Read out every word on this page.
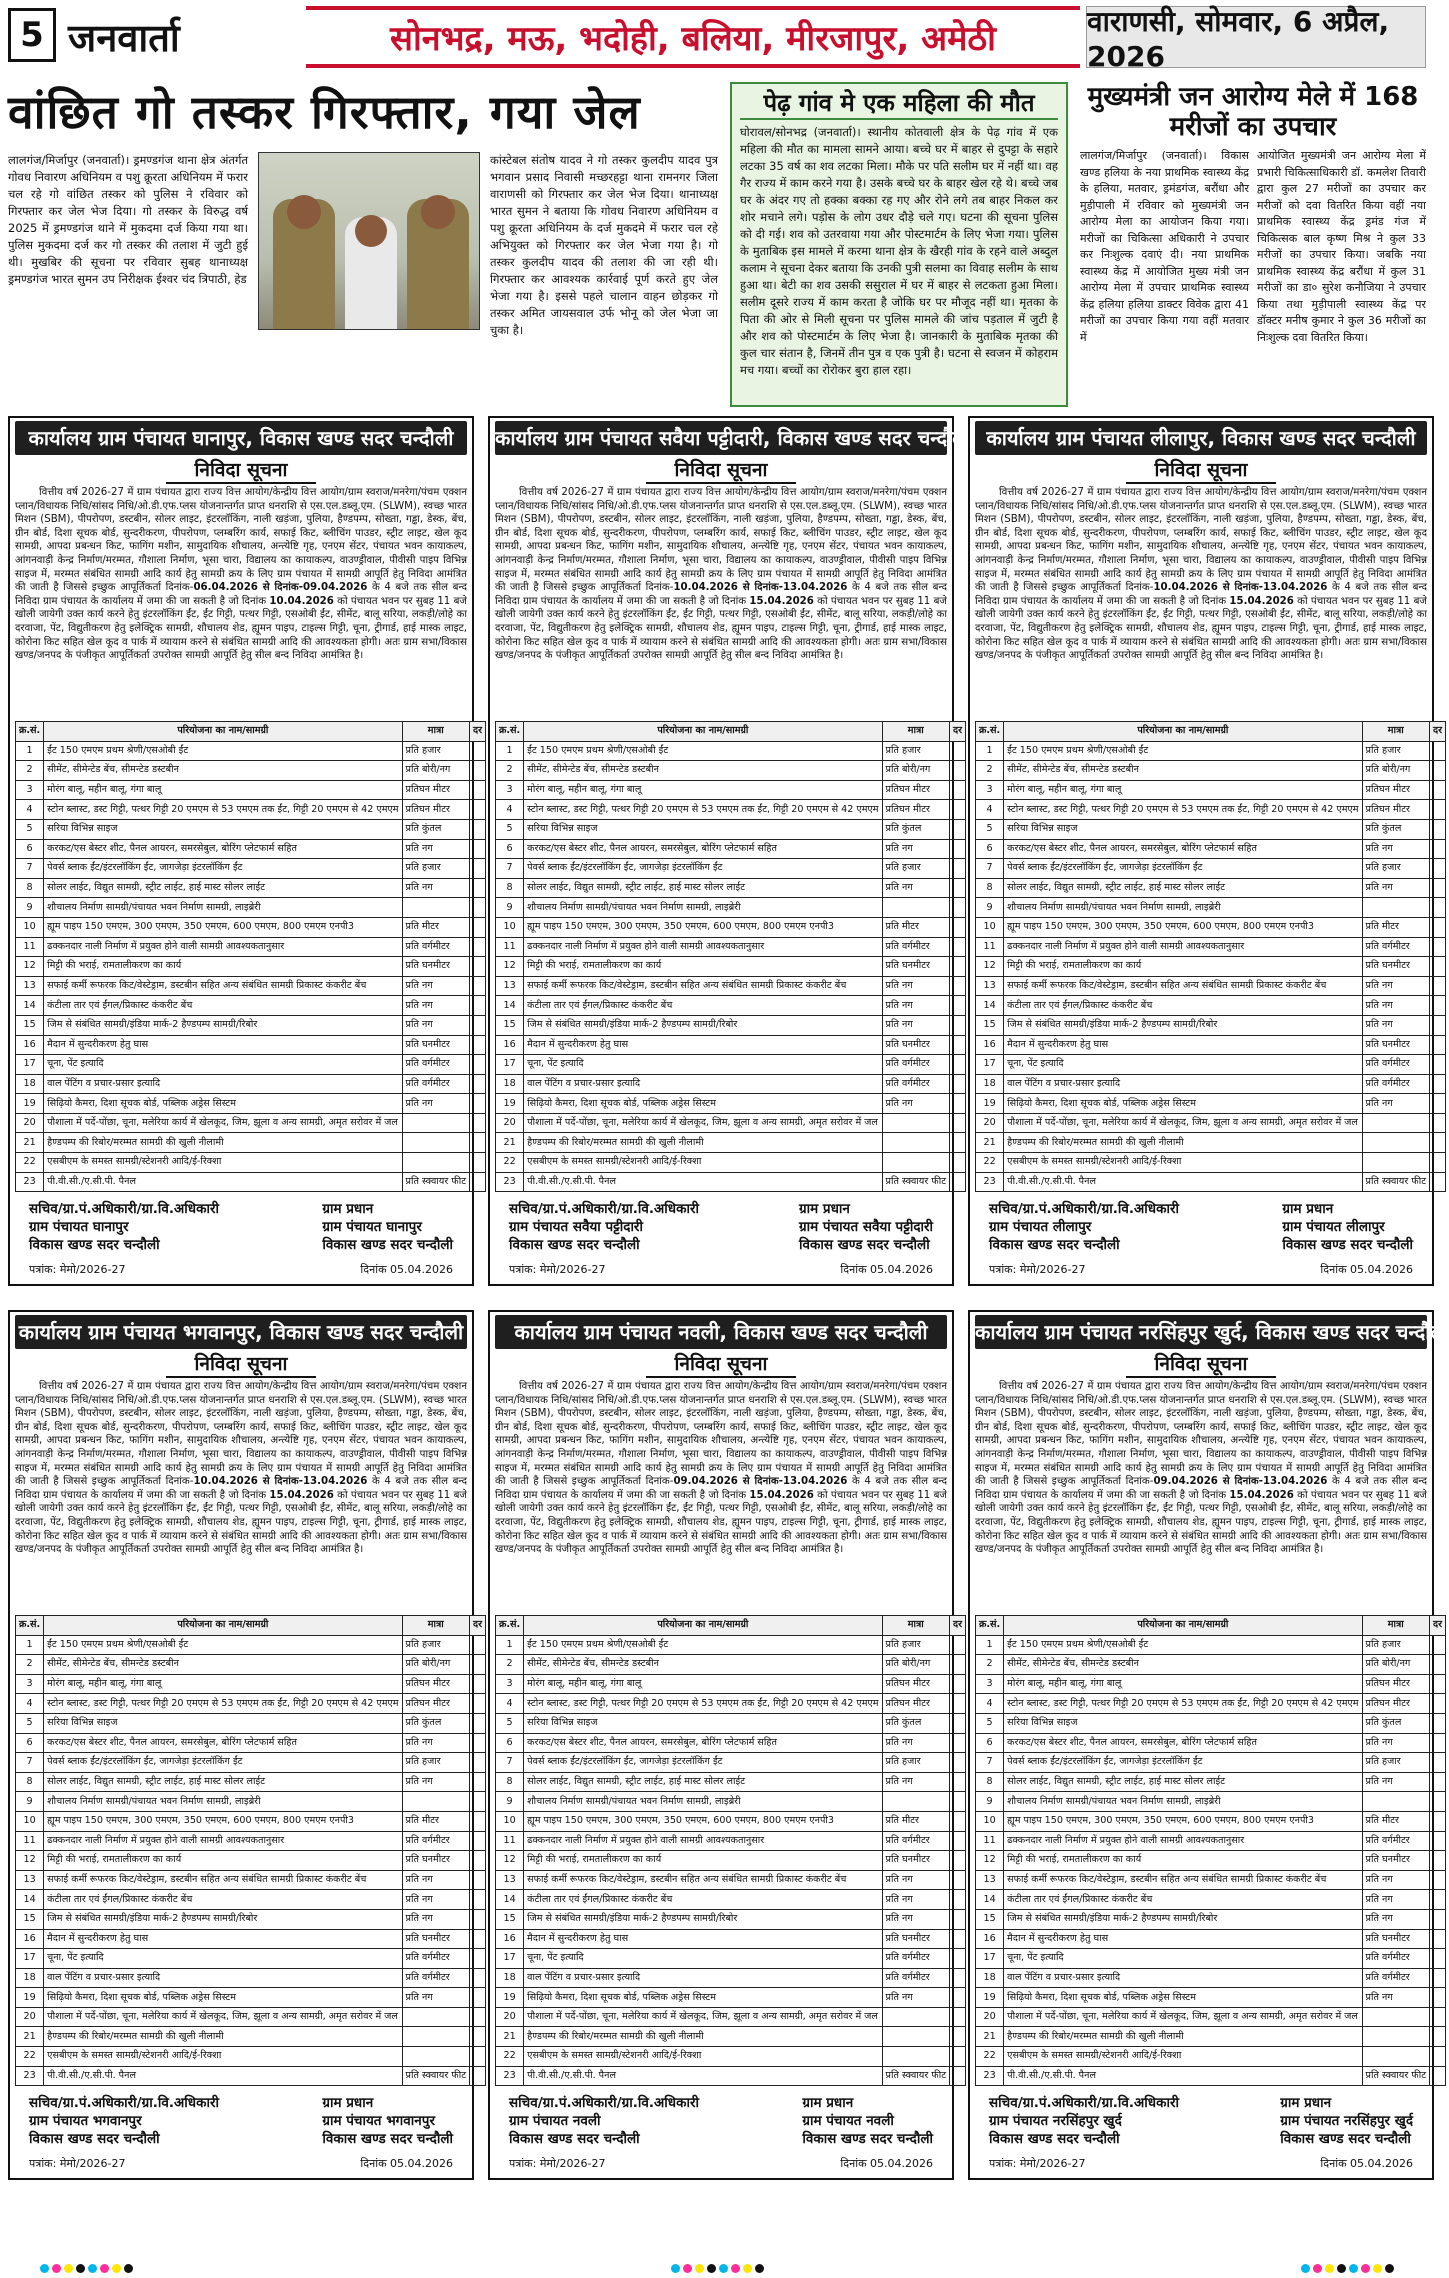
5 जनवार्ता	सोनभद्र, मऊ, भदोही, बलिया, मीरजापुर, अमेठी	वाराणसी, सोमवार, 6 अप्रैल, 2026
वांछित गो तस्कर गिरफ्तार, गया जेल
लालगंज/मिर्जापुर (जनवार्ता)। ड्रमण्डगंज थाना क्षेत्र अंतर्गत गोवध निवारण अधिनियम व पशु क्रूरता अधिनियम में फरार चल रहे गो वांछित तस्कर को पुलिस ने रविवार को गिरफ्तार कर जेल भेज दिया। गो तस्कर के विरुद्ध वर्ष 2025 में ड्रमण्डगंज थाने में मुकदमा दर्ज किया गया था। पुलिस मुकदमा दर्ज कर गो तस्कर की तलाश में जुटी हुई थी। मुखबिर की सूचना पर रविवार सुबह थानाध्यक्ष ड्रमण्डगंज भारत सुमन उप निरीक्षक ईश्वर चंद त्रिपाठी, हेड
कांस्टेबल संतोष यादव ने गो तस्कर कुलदीप यादव पुत्र भगवान प्रसाद निवासी मच्छरहट्टा थाना रामनगर जिला वाराणसी को गिरफ्तार कर जेल भेज दिया। थानाध्यक्ष भारत सुमन ने बताया कि गोवध निवारण अधिनियम व पशु क्रूरता अधिनियम के दर्ज मुकदमे में फरार चल रहे अभियुक्त को गिरफ्तार कर जेल भेजा गया है। गो तस्कर कुलदीप यादव की तलाश की जा रही थी। गिरफ्तार कर आवश्यक कार्रवाई पूर्ण करते हुए जेल भेजा गया है। इससे पहले चालान वाहन छोड़कर गो तस्कर अमित जायसवाल उर्फ भोनू को जेल भेजा जा चुका है।
पेढ़ गांव मे एक महिला की मौत

घोरावल/सोनभद्र (जनवार्ता)। स्थानीय कोतवाली क्षेत्र के पेढ़ गांव में एक महिला की मौत का मामला सामने आया। बच्चे घर में बाहर से दुपट्टा के सहारे लटका 35 वर्ष का शव लटका मिला। मौके पर पति सलीम घर में नहीं था। वह गैर राज्य में काम करने गया है। उसके बच्चे घर के बाहर खेल रहे थे। बच्चे जब घर के अंदर गए तो हक्का बक्का रह गए और रोने लगे तब बाहर निकल कर शोर मचाने लगे। पड़ोस के लोग उधर दौड़े चले गए। घटना की सूचना पुलिस को दी गई। शव को उतरवाया गया और पोस्टमार्टम के लिए भेजा गया। पुलिस के मुताबिक इस मामले में करमा थाना क्षेत्र के खैरही गांव के रहने वाले अब्दुल कलाम ने सूचना देकर बताया कि उनकी पुत्री सलमा का विवाह सलीम के साथ हुआ था। बेटी का शव उसकी ससुराल में घर में बाहर से लटकता हुआ मिला। सलीम दूसरे राज्य में काम करता है जोकि घर पर मौजूद नहीं था। मृतका के पिता की ओर से मिली सूचना पर पुलिस मामले की जांच पड़ताल में जुटी है और शव को पोस्टमार्टम के लिए भेजा है। जानकारी के मुताबिक मृतका की कुल चार संतान है, जिनमें तीन पुत्र व एक पुत्री है। घटना से स्वजन में कोहराम मच गया। बच्चों का रोरोकर बुरा हाल रहा।

मुख्यमंत्री जन आरोग्य मेले में 168 मरीजों का उपचार

लालगंज/मिर्जापुर (जनवार्ता)। विकास खण्ड हलिया के नया प्राथमिक स्वास्थ्य केंद्र के हलिया, मतवार, ड्रमंडगंज, बरौंधा और मुड़ीपाली में रविवार को मुख्यमंत्री जन आरोग्य मेला का आयोजन किया गया। मरीजों का चिकित्सा अधिकारी ने उपचार कर निःशुल्क दवाएं दी। नया प्राथमिक स्वास्थ्य केंद्र में आयोजित मुख्य मंत्री जन आरोग्य मेला में उपचार प्राथमिक स्वास्थ्य केंद्र हलिया हलिया डाक्टर विवेक द्वारा 41 मरीजों का उपचार किया गया वहीं मतवार में

आयोजित मुख्यमंत्री जन आरोग्य मेला में प्रभारी चिकित्साधिकारी डॉ. कमलेश तिवारी द्वारा कुल 27 मरीजों का उपचार कर मरीजों को दवा वितरित किया वहीं नया प्राथमिक स्वास्थ्य केंद्र ड्रमंड गंज में चिकित्सक बाल कृष्ण मिश्र ने कुल 33 मरीजों का उपचार किया। जबकि नया प्राथमिक स्वास्थ्य केंद्र बरौंधा में कुल 31 मरीजों का डा० सुरेश कनौजिया ने उपचार किया तथा मुड़ीपाली स्वास्थ्य केंद्र पर डॉक्टर मनीष कुमार ने कुल 36 मरीजों का निःशुल्क दवा वितरित किया।

कार्यालय ग्राम पंचायत घानापुर, विकास खण्ड सदर चन्दौली
निविदा सूचना
वित्तीय वर्ष 2026-27 में ग्राम पंचायत द्वारा राज्य वित्त आयोग/केन्द्रीय वित्त आयोग/ग्राम स्वराज/मनरेगा/पंचम एक्शन प्लान/विधायक निधि/सांसद निधि/ओ.डी.एफ.प्लस योजनान्तर्गत प्राप्त धनराशि से एस.एल.डब्लू.एम. (SLWM), स्वच्छ भारत मिशन (SBM), पीपरोपण, डस्टबीन, सोलर लाइट, इंटरलॉकिंग, नाली खड़ंजा, पुलिया, हैण्डपम्प, सोख्ता, गड्ढा, डेस्क, बेंच, ग्रीन बोर्ड, दिशा सूचक बोर्ड, सुन्दरीकरण, पीपरोपण, प्लम्बरिंग कार्य, सफाई किट, ब्लीचिंग पाउडर, स्ट्रीट लाइट, खेल कूद सामग्री, आपदा प्रबन्धन किट, फागिंग मशीन, सामुदायिक शौचालय, अन्त्येष्टि गृह, एनएम सेंटर, पंचायत भवन कायाकल्प, आंगनवाड़ी केन्द्र निर्माण/मरम्मत, गौशाला निर्माण, भूसा चारा, विद्यालय का कायाकल्प, वाउण्ड्रीवाल, पीवीसी पाइप विभिन्न साइज में, मरम्मत संबंधित सामग्री आदि कार्य हेतु सामग्री क्रय के लिए ग्राम पंचायत में सामग्री आपूर्ति हेतु निविदा आमंत्रित की जाती है जिससे इच्छुक आपूर्तिकर्ता दिनांक-06.04.2026 से दिनांक-09.04.2026 के 4 बजे तक सील बन्द निविदा ग्राम पंचायत के कार्यालय में जमा की जा सकती है जो दिनांक 10.04.2026 को पंचायत भवन पर सुबह 11 बजे खोली जायेगी उक्त कार्य करने हेतु इंटरलॉकिंग ईंट, ईंट गिट्टी, पत्थर गिट्टी, एसओबी ईंट, सीमेंट, बालू सरिया, लकड़ी/लोहे का दरवाजा, पेंट, विद्युतीकरण हेतु इलेक्ट्रिक सामग्री, शौचालय शेड, ह्यूमन पाइप, टाइल्स गिट्टी, चूना, ट्रीगार्ड, हाई मास्क लाइट, कोरोना किट सहित खेल कूद व पार्क में व्यायाम करने से संबंधित सामग्री आदि की आवश्यकता होगी। अतः ग्राम सभा/विकास खण्ड/जनपद के पंजीकृत आपूर्तिकर्ता उपरोक्त सामग्री आपूर्ति हेतु सील बन्द निविदा आमंत्रित है।
क्र.सं.	परियोजना का नाम/सामग्री	मात्रा	दर
1	ईंट 150 एमएम प्रथम श्रेणी/एसओबी ईंट	प्रति हजार	
2	सीमेंट, सीमेन्टेड बेंच, सीमन्टेड डस्टबीन	प्रति बोरी/नग	
3	मोरंग बालू, महीन बालू, गंगा बालू	प्रतिघन मीटर	
4	स्टोन ब्लास्ट, डस्ट गिट्टी, पत्थर गिट्टी 20 एमएम से 53 एमएम तक ईंट, गिट्टी 20 एमएम से 42 एमएम	प्रतिघन मीटर	
5	सरिया विभिन्न साइज	प्रति कुंतल	
6	करकट/एस बेस्टर शीट, पैनल आयरन, समरसेबुल, बोरिंग प्लेटफार्म सहित	प्रति नग	
7	पेवर्स ब्लाक ईंट/इंटरलॉकिंग ईंट, जागजेड़ा इंटरलॉकिंग ईंट	प्रति हजार	
8	सोलर लाईट, विद्युत सामग्री, स्ट्रीट लाईट, हाई मास्ट सोलर लाईट	प्रति नग	
9	शौचालय निर्माण सामग्री/पंचायत भवन निर्माण सामग्री, लाइब्रेरी		
10	ह्यूम पाइप 150 एमएम, 300 एमएम, 350 एमएम, 600 एमएम, 800 एमएम एनपी3	प्रति मीटर	
11	ढक्कनदार नाली निर्माण में प्रयुक्त होने वाली सामग्री आवश्यकतानुसार	प्रति वर्गमीटर	
12	मिट्टी की भराई, रामतालीकरण का कार्य	प्रति घनमीटर	
13	सफाई कर्मी रूफरक किट/वेस्टेड्राम, डस्टबीन सहित अन्य संबंधित सामग्री प्रिकास्ट कंकरीट बेंच	प्रति नग	
14	कंटीला तार एवं ईंगल/प्रिकास्ट कंकरीट बेंच	प्रति नग	
15	जिम से संबंधित सामग्री/इंडिया मार्क-2 हैण्डपम्प सामग्री/रिबोर	प्रति नग	
16	मैदान में सुन्दरीकरण हेतु घास	प्रति घनमीटर	
17	चूना, पेंट इत्यादि	प्रति वर्गमीटर	
18	वाल पेंटिंग व प्रचार-प्रसार इत्यादि	प्रति वर्गमीटर	
19	सिढ़ियो कैमरा, दिशा सूचक बोर्ड, पब्लिक अड्रेस सिस्टम	प्रति नग	
20	पौशाला में पर्दे-पोंछा, चूना, मलेरिया कार्य में खेलकूद, जिम, झूला व अन्य सामग्री, अमृत सरोवर में जल		
21	हैण्डपम्प की रिबोर/मरम्मत सामग्री की खुली नीलामी		
22	एसबीएम के समस्त सामग्री/स्टेशनरी आदि/ई-रिक्शा		
23	पी.वी.सी./ए.सी.पी. पैनल	प्रति स्क्वायर फीट	
सचिव/ग्रा.पं.अधिकारी/ग्रा.वि.अधिकारी
ग्राम पंचायत घानापुर
विकास खण्ड सदर चन्दौली
ग्राम प्रधान
ग्राम पंचायत घानापुर
विकास खण्ड सदर चन्दौली
पत्रांक: मेमो/2026-27	दिनांक 05.04.2026
कार्यालय ग्राम पंचायत सवैया पट्टीदारी, विकास खण्ड सदर चन्दौली
निविदा सूचना
वित्तीय वर्ष 2026-27 में ग्राम पंचायत द्वारा राज्य वित्त आयोग/केन्द्रीय वित्त आयोग/ग्राम स्वराज/मनरेगा/पंचम एक्शन प्लान/विधायक निधि/सांसद निधि/ओ.डी.एफ.प्लस योजनान्तर्गत प्राप्त धनराशि से एस.एल.डब्लू.एम. (SLWM), स्वच्छ भारत मिशन (SBM), पीपरोपण, डस्टबीन, सोलर लाइट, इंटरलॉकिंग, नाली खड़ंजा, पुलिया, हैण्डपम्प, सोख्ता, गड्ढा, डेस्क, बेंच, ग्रीन बोर्ड, दिशा सूचक बोर्ड, सुन्दरीकरण, पीपरोपण, प्लम्बरिंग कार्य, सफाई किट, ब्लीचिंग पाउडर, स्ट्रीट लाइट, खेल कूद सामग्री, आपदा प्रबन्धन किट, फागिंग मशीन, सामुदायिक शौचालय, अन्त्येष्टि गृह, एनएम सेंटर, पंचायत भवन कायाकल्प, आंगनवाड़ी केन्द्र निर्माण/मरम्मत, गौशाला निर्माण, भूसा चारा, विद्यालय का कायाकल्प, वाउण्ड्रीवाल, पीवीसी पाइप विभिन्न साइज में, मरम्मत संबंधित सामग्री आदि कार्य हेतु सामग्री क्रय के लिए ग्राम पंचायत में सामग्री आपूर्ति हेतु निविदा आमंत्रित की जाती है जिससे इच्छुक आपूर्तिकर्ता दिनांक-10.04.2026 से दिनांक-13.04.2026 के 4 बजे तक सील बन्द निविदा ग्राम पंचायत के कार्यालय में जमा की जा सकती है जो दिनांक 15.04.2026 को पंचायत भवन पर सुबह 11 बजे खोली जायेगी उक्त कार्य करने हेतु इंटरलॉकिंग ईंट, ईंट गिट्टी, पत्थर गिट्टी, एसओबी ईंट, सीमेंट, बालू सरिया, लकड़ी/लोहे का दरवाजा, पेंट, विद्युतीकरण हेतु इलेक्ट्रिक सामग्री, शौचालय शेड, ह्यूमन पाइप, टाइल्स गिट्टी, चूना, ट्रीगार्ड, हाई मास्क लाइट, कोरोना किट सहित खेल कूद व पार्क में व्यायाम करने से संबंधित सामग्री आदि की आवश्यकता होगी। अतः ग्राम सभा/विकास खण्ड/जनपद के पंजीकृत आपूर्तिकर्ता उपरोक्त सामग्री आपूर्ति हेतु सील बन्द निविदा आमंत्रित है।
क्र.सं.	परियोजना का नाम/सामग्री	मात्रा	दर
1	ईंट 150 एमएम प्रथम श्रेणी/एसओबी ईंट	प्रति हजार	
2	सीमेंट, सीमेन्टेड बेंच, सीमन्टेड डस्टबीन	प्रति बोरी/नग	
3	मोरंग बालू, महीन बालू, गंगा बालू	प्रतिघन मीटर	
4	स्टोन ब्लास्ट, डस्ट गिट्टी, पत्थर गिट्टी 20 एमएम से 53 एमएम तक ईंट, गिट्टी 20 एमएम से 42 एमएम	प्रतिघन मीटर	
5	सरिया विभिन्न साइज	प्रति कुंतल	
6	करकट/एस बेस्टर शीट, पैनल आयरन, समरसेबुल, बोरिंग प्लेटफार्म सहित	प्रति नग	
7	पेवर्स ब्लाक ईंट/इंटरलॉकिंग ईंट, जागजेड़ा इंटरलॉकिंग ईंट	प्रति हजार	
8	सोलर लाईट, विद्युत सामग्री, स्ट्रीट लाईट, हाई मास्ट सोलर लाईट	प्रति नग	
9	शौचालय निर्माण सामग्री/पंचायत भवन निर्माण सामग्री, लाइब्रेरी		
10	ह्यूम पाइप 150 एमएम, 300 एमएम, 350 एमएम, 600 एमएम, 800 एमएम एनपी3	प्रति मीटर	
11	ढक्कनदार नाली निर्माण में प्रयुक्त होने वाली सामग्री आवश्यकतानुसार	प्रति वर्गमीटर	
12	मिट्टी की भराई, रामतालीकरण का कार्य	प्रति घनमीटर	
13	सफाई कर्मी रूफरक किट/वेस्टेड्राम, डस्टबीन सहित अन्य संबंधित सामग्री प्रिकास्ट कंकरीट बेंच	प्रति नग	
14	कंटीला तार एवं ईंगल/प्रिकास्ट कंकरीट बेंच	प्रति नग	
15	जिम से संबंधित सामग्री/इंडिया मार्क-2 हैण्डपम्प सामग्री/रिबोर	प्रति नग	
16	मैदान में सुन्दरीकरण हेतु घास	प्रति घनमीटर	
17	चूना, पेंट इत्यादि	प्रति वर्गमीटर	
18	वाल पेंटिंग व प्रचार-प्रसार इत्यादि	प्रति वर्गमीटर	
19	सिढ़ियो कैमरा, दिशा सूचक बोर्ड, पब्लिक अड्रेस सिस्टम	प्रति नग	
20	पौशाला में पर्दे-पोंछा, चूना, मलेरिया कार्य में खेलकूद, जिम, झूला व अन्य सामग्री, अमृत सरोवर में जल		
21	हैण्डपम्प की रिबोर/मरम्मत सामग्री की खुली नीलामी		
22	एसबीएम के समस्त सामग्री/स्टेशनरी आदि/ई-रिक्शा		
23	पी.वी.सी./ए.सी.पी. पैनल	प्रति स्क्वायर फीट	
सचिव/ग्रा.पं.अधिकारी/ग्रा.वि.अधिकारी
ग्राम पंचायत सवैया पट्टीदारी
विकास खण्ड सदर चन्दौली
ग्राम प्रधान
ग्राम पंचायत सवैया पट्टीदारी
विकास खण्ड सदर चन्दौली
पत्रांक: मेमो/2026-27	दिनांक 05.04.2026
कार्यालय ग्राम पंचायत लीलापुर, विकास खण्ड सदर चन्दौली
निविदा सूचना
वित्तीय वर्ष 2026-27 में ग्राम पंचायत द्वारा राज्य वित्त आयोग/केन्द्रीय वित्त आयोग/ग्राम स्वराज/मनरेगा/पंचम एक्शन प्लान/विधायक निधि/सांसद निधि/ओ.डी.एफ.प्लस योजनान्तर्गत प्राप्त धनराशि से एस.एल.डब्लू.एम. (SLWM), स्वच्छ भारत मिशन (SBM), पीपरोपण, डस्टबीन, सोलर लाइट, इंटरलॉकिंग, नाली खड़ंजा, पुलिया, हैण्डपम्प, सोख्ता, गड्ढा, डेस्क, बेंच, ग्रीन बोर्ड, दिशा सूचक बोर्ड, सुन्दरीकरण, पीपरोपण, प्लम्बरिंग कार्य, सफाई किट, ब्लीचिंग पाउडर, स्ट्रीट लाइट, खेल कूद सामग्री, आपदा प्रबन्धन किट, फागिंग मशीन, सामुदायिक शौचालय, अन्त्येष्टि गृह, एनएम सेंटर, पंचायत भवन कायाकल्प, आंगनवाड़ी केन्द्र निर्माण/मरम्मत, गौशाला निर्माण, भूसा चारा, विद्यालय का कायाकल्प, वाउण्ड्रीवाल, पीवीसी पाइप विभिन्न साइज में, मरम्मत संबंधित सामग्री आदि कार्य हेतु सामग्री क्रय के लिए ग्राम पंचायत में सामग्री आपूर्ति हेतु निविदा आमंत्रित की जाती है जिससे इच्छुक आपूर्तिकर्ता दिनांक-10.04.2026 से दिनांक-13.04.2026 के 4 बजे तक सील बन्द निविदा ग्राम पंचायत के कार्यालय में जमा की जा सकती है जो दिनांक 15.04.2026 को पंचायत भवन पर सुबह 11 बजे खोली जायेगी उक्त कार्य करने हेतु इंटरलॉकिंग ईंट, ईंट गिट्टी, पत्थर गिट्टी, एसओबी ईंट, सीमेंट, बालू सरिया, लकड़ी/लोहे का दरवाजा, पेंट, विद्युतीकरण हेतु इलेक्ट्रिक सामग्री, शौचालय शेड, ह्यूमन पाइप, टाइल्स गिट्टी, चूना, ट्रीगार्ड, हाई मास्क लाइट, कोरोना किट सहित खेल कूद व पार्क में व्यायाम करने से संबंधित सामग्री आदि की आवश्यकता होगी। अतः ग्राम सभा/विकास खण्ड/जनपद के पंजीकृत आपूर्तिकर्ता उपरोक्त सामग्री आपूर्ति हेतु सील बन्द निविदा आमंत्रित है।
क्र.सं.	परियोजना का नाम/सामग्री	मात्रा	दर
1	ईंट 150 एमएम प्रथम श्रेणी/एसओबी ईंट	प्रति हजार	
2	सीमेंट, सीमेन्टेड बेंच, सीमन्टेड डस्टबीन	प्रति बोरी/नग	
3	मोरंग बालू, महीन बालू, गंगा बालू	प्रतिघन मीटर	
4	स्टोन ब्लास्ट, डस्ट गिट्टी, पत्थर गिट्टी 20 एमएम से 53 एमएम तक ईंट, गिट्टी 20 एमएम से 42 एमएम	प्रतिघन मीटर	
5	सरिया विभिन्न साइज	प्रति कुंतल	
6	करकट/एस बेस्टर शीट, पैनल आयरन, समरसेबुल, बोरिंग प्लेटफार्म सहित	प्रति नग	
7	पेवर्स ब्लाक ईंट/इंटरलॉकिंग ईंट, जागजेड़ा इंटरलॉकिंग ईंट	प्रति हजार	
8	सोलर लाईट, विद्युत सामग्री, स्ट्रीट लाईट, हाई मास्ट सोलर लाईट	प्रति नग	
9	शौचालय निर्माण सामग्री/पंचायत भवन निर्माण सामग्री, लाइब्रेरी		
10	ह्यूम पाइप 150 एमएम, 300 एमएम, 350 एमएम, 600 एमएम, 800 एमएम एनपी3	प्रति मीटर	
11	ढक्कनदार नाली निर्माण में प्रयुक्त होने वाली सामग्री आवश्यकतानुसार	प्रति वर्गमीटर	
12	मिट्टी की भराई, रामतालीकरण का कार्य	प्रति घनमीटर	
13	सफाई कर्मी रूफरक किट/वेस्टेड्राम, डस्टबीन सहित अन्य संबंधित सामग्री प्रिकास्ट कंकरीट बेंच	प्रति नग	
14	कंटीला तार एवं ईंगल/प्रिकास्ट कंकरीट बेंच	प्रति नग	
15	जिम से संबंधित सामग्री/इंडिया मार्क-2 हैण्डपम्प सामग्री/रिबोर	प्रति नग	
16	मैदान में सुन्दरीकरण हेतु घास	प्रति घनमीटर	
17	चूना, पेंट इत्यादि	प्रति वर्गमीटर	
18	वाल पेंटिंग व प्रचार-प्रसार इत्यादि	प्रति वर्गमीटर	
19	सिढ़ियो कैमरा, दिशा सूचक बोर्ड, पब्लिक अड्रेस सिस्टम	प्रति नग	
20	पौशाला में पर्दे-पोंछा, चूना, मलेरिया कार्य में खेलकूद, जिम, झूला व अन्य सामग्री, अमृत सरोवर में जल		
21	हैण्डपम्प की रिबोर/मरम्मत सामग्री की खुली नीलामी		
22	एसबीएम के समस्त सामग्री/स्टेशनरी आदि/ई-रिक्शा		
23	पी.वी.सी./ए.सी.पी. पैनल	प्रति स्क्वायर फीट	
सचिव/ग्रा.पं.अधिकारी/ग्रा.वि.अधिकारी
ग्राम पंचायत लीलापुर
विकास खण्ड सदर चन्दौली
ग्राम प्रधान
ग्राम पंचायत लीलापुर
विकास खण्ड सदर चन्दौली
पत्रांक: मेमो/2026-27	दिनांक 05.04.2026
कार्यालय ग्राम पंचायत भगवानपुर, विकास खण्ड सदर चन्दौली
निविदा सूचना
वित्तीय वर्ष 2026-27 में ग्राम पंचायत द्वारा राज्य वित्त आयोग/केन्द्रीय वित्त आयोग/ग्राम स्वराज/मनरेगा/पंचम एक्शन प्लान/विधायक निधि/सांसद निधि/ओ.डी.एफ.प्लस योजनान्तर्गत प्राप्त धनराशि से एस.एल.डब्लू.एम. (SLWM), स्वच्छ भारत मिशन (SBM), पीपरोपण, डस्टबीन, सोलर लाइट, इंटरलॉकिंग, नाली खड़ंजा, पुलिया, हैण्डपम्प, सोख्ता, गड्ढा, डेस्क, बेंच, ग्रीन बोर्ड, दिशा सूचक बोर्ड, सुन्दरीकरण, पीपरोपण, प्लम्बरिंग कार्य, सफाई किट, ब्लीचिंग पाउडर, स्ट्रीट लाइट, खेल कूद सामग्री, आपदा प्रबन्धन किट, फागिंग मशीन, सामुदायिक शौचालय, अन्त्येष्टि गृह, एनएम सेंटर, पंचायत भवन कायाकल्प, आंगनवाड़ी केन्द्र निर्माण/मरम्मत, गौशाला निर्माण, भूसा चारा, विद्यालय का कायाकल्प, वाउण्ड्रीवाल, पीवीसी पाइप विभिन्न साइज में, मरम्मत संबंधित सामग्री आदि कार्य हेतु सामग्री क्रय के लिए ग्राम पंचायत में सामग्री आपूर्ति हेतु निविदा आमंत्रित की जाती है जिससे इच्छुक आपूर्तिकर्ता दिनांक-10.04.2026 से दिनांक-13.04.2026 के 4 बजे तक सील बन्द निविदा ग्राम पंचायत के कार्यालय में जमा की जा सकती है जो दिनांक 15.04.2026 को पंचायत भवन पर सुबह 11 बजे खोली जायेगी उक्त कार्य करने हेतु इंटरलॉकिंग ईंट, ईंट गिट्टी, पत्थर गिट्टी, एसओबी ईंट, सीमेंट, बालू सरिया, लकड़ी/लोहे का दरवाजा, पेंट, विद्युतीकरण हेतु इलेक्ट्रिक सामग्री, शौचालय शेड, ह्यूमन पाइप, टाइल्स गिट्टी, चूना, ट्रीगार्ड, हाई मास्क लाइट, कोरोना किट सहित खेल कूद व पार्क में व्यायाम करने से संबंधित सामग्री आदि की आवश्यकता होगी। अतः ग्राम सभा/विकास खण्ड/जनपद के पंजीकृत आपूर्तिकर्ता उपरोक्त सामग्री आपूर्ति हेतु सील बन्द निविदा आमंत्रित है।
क्र.सं.	परियोजना का नाम/सामग्री	मात्रा	दर
1	ईंट 150 एमएम प्रथम श्रेणी/एसओबी ईंट	प्रति हजार	
2	सीमेंट, सीमेन्टेड बेंच, सीमन्टेड डस्टबीन	प्रति बोरी/नग	
3	मोरंग बालू, महीन बालू, गंगा बालू	प्रतिघन मीटर	
4	स्टोन ब्लास्ट, डस्ट गिट्टी, पत्थर गिट्टी 20 एमएम से 53 एमएम तक ईंट, गिट्टी 20 एमएम से 42 एमएम	प्रतिघन मीटर	
5	सरिया विभिन्न साइज	प्रति कुंतल	
6	करकट/एस बेस्टर शीट, पैनल आयरन, समरसेबुल, बोरिंग प्लेटफार्म सहित	प्रति नग	
7	पेवर्स ब्लाक ईंट/इंटरलॉकिंग ईंट, जागजेड़ा इंटरलॉकिंग ईंट	प्रति हजार	
8	सोलर लाईट, विद्युत सामग्री, स्ट्रीट लाईट, हाई मास्ट सोलर लाईट	प्रति नग	
9	शौचालय निर्माण सामग्री/पंचायत भवन निर्माण सामग्री, लाइब्रेरी		
10	ह्यूम पाइप 150 एमएम, 300 एमएम, 350 एमएम, 600 एमएम, 800 एमएम एनपी3	प्रति मीटर	
11	ढक्कनदार नाली निर्माण में प्रयुक्त होने वाली सामग्री आवश्यकतानुसार	प्रति वर्गमीटर	
12	मिट्टी की भराई, रामतालीकरण का कार्य	प्रति घनमीटर	
13	सफाई कर्मी रूफरक किट/वेस्टेड्राम, डस्टबीन सहित अन्य संबंधित सामग्री प्रिकास्ट कंकरीट बेंच	प्रति नग	
14	कंटीला तार एवं ईंगल/प्रिकास्ट कंकरीट बेंच	प्रति नग	
15	जिम से संबंधित सामग्री/इंडिया मार्क-2 हैण्डपम्प सामग्री/रिबोर	प्रति नग	
16	मैदान में सुन्दरीकरण हेतु घास	प्रति घनमीटर	
17	चूना, पेंट इत्यादि	प्रति वर्गमीटर	
18	वाल पेंटिंग व प्रचार-प्रसार इत्यादि	प्रति वर्गमीटर	
19	सिढ़ियो कैमरा, दिशा सूचक बोर्ड, पब्लिक अड्रेस सिस्टम	प्रति नग	
20	पौशाला में पर्दे-पोंछा, चूना, मलेरिया कार्य में खेलकूद, जिम, झूला व अन्य सामग्री, अमृत सरोवर में जल		
21	हैण्डपम्प की रिबोर/मरम्मत सामग्री की खुली नीलामी		
22	एसबीएम के समस्त सामग्री/स्टेशनरी आदि/ई-रिक्शा		
23	पी.वी.सी./ए.सी.पी. पैनल	प्रति स्क्वायर फीट	
सचिव/ग्रा.पं.अधिकारी/ग्रा.वि.अधिकारी
ग्राम पंचायत भगवानपुर
विकास खण्ड सदर चन्दौली
ग्राम प्रधान
ग्राम पंचायत भगवानपुर
विकास खण्ड सदर चन्दौली
पत्रांक: मेमो/2026-27	दिनांक 05.04.2026
कार्यालय ग्राम पंचायत नवली, विकास खण्ड सदर चन्दौली
निविदा सूचना
वित्तीय वर्ष 2026-27 में ग्राम पंचायत द्वारा राज्य वित्त आयोग/केन्द्रीय वित्त आयोग/ग्राम स्वराज/मनरेगा/पंचम एक्शन प्लान/विधायक निधि/सांसद निधि/ओ.डी.एफ.प्लस योजनान्तर्गत प्राप्त धनराशि से एस.एल.डब्लू.एम. (SLWM), स्वच्छ भारत मिशन (SBM), पीपरोपण, डस्टबीन, सोलर लाइट, इंटरलॉकिंग, नाली खड़ंजा, पुलिया, हैण्डपम्प, सोख्ता, गड्ढा, डेस्क, बेंच, ग्रीन बोर्ड, दिशा सूचक बोर्ड, सुन्दरीकरण, पीपरोपण, प्लम्बरिंग कार्य, सफाई किट, ब्लीचिंग पाउडर, स्ट्रीट लाइट, खेल कूद सामग्री, आपदा प्रबन्धन किट, फागिंग मशीन, सामुदायिक शौचालय, अन्त्येष्टि गृह, एनएम सेंटर, पंचायत भवन कायाकल्प, आंगनवाड़ी केन्द्र निर्माण/मरम्मत, गौशाला निर्माण, भूसा चारा, विद्यालय का कायाकल्प, वाउण्ड्रीवाल, पीवीसी पाइप विभिन्न साइज में, मरम्मत संबंधित सामग्री आदि कार्य हेतु सामग्री क्रय के लिए ग्राम पंचायत में सामग्री आपूर्ति हेतु निविदा आमंत्रित की जाती है जिससे इच्छुक आपूर्तिकर्ता दिनांक-09.04.2026 से दिनांक-13.04.2026 के 4 बजे तक सील बन्द निविदा ग्राम पंचायत के कार्यालय में जमा की जा सकती है जो दिनांक 15.04.2026 को पंचायत भवन पर सुबह 11 बजे खोली जायेगी उक्त कार्य करने हेतु इंटरलॉकिंग ईंट, ईंट गिट्टी, पत्थर गिट्टी, एसओबी ईंट, सीमेंट, बालू सरिया, लकड़ी/लोहे का दरवाजा, पेंट, विद्युतीकरण हेतु इलेक्ट्रिक सामग्री, शौचालय शेड, ह्यूमन पाइप, टाइल्स गिट्टी, चूना, ट्रीगार्ड, हाई मास्क लाइट, कोरोना किट सहित खेल कूद व पार्क में व्यायाम करने से संबंधित सामग्री आदि की आवश्यकता होगी। अतः ग्राम सभा/विकास खण्ड/जनपद के पंजीकृत आपूर्तिकर्ता उपरोक्त सामग्री आपूर्ति हेतु सील बन्द निविदा आमंत्रित है।
क्र.सं.	परियोजना का नाम/सामग्री	मात्रा	दर
1	ईंट 150 एमएम प्रथम श्रेणी/एसओबी ईंट	प्रति हजार	
2	सीमेंट, सीमेन्टेड बेंच, सीमन्टेड डस्टबीन	प्रति बोरी/नग	
3	मोरंग बालू, महीन बालू, गंगा बालू	प्रतिघन मीटर	
4	स्टोन ब्लास्ट, डस्ट गिट्टी, पत्थर गिट्टी 20 एमएम से 53 एमएम तक ईंट, गिट्टी 20 एमएम से 42 एमएम	प्रतिघन मीटर	
5	सरिया विभिन्न साइज	प्रति कुंतल	
6	करकट/एस बेस्टर शीट, पैनल आयरन, समरसेबुल, बोरिंग प्लेटफार्म सहित	प्रति नग	
7	पेवर्स ब्लाक ईंट/इंटरलॉकिंग ईंट, जागजेड़ा इंटरलॉकिंग ईंट	प्रति हजार	
8	सोलर लाईट, विद्युत सामग्री, स्ट्रीट लाईट, हाई मास्ट सोलर लाईट	प्रति नग	
9	शौचालय निर्माण सामग्री/पंचायत भवन निर्माण सामग्री, लाइब्रेरी		
10	ह्यूम पाइप 150 एमएम, 300 एमएम, 350 एमएम, 600 एमएम, 800 एमएम एनपी3	प्रति मीटर	
11	ढक्कनदार नाली निर्माण में प्रयुक्त होने वाली सामग्री आवश्यकतानुसार	प्रति वर्गमीटर	
12	मिट्टी की भराई, रामतालीकरण का कार्य	प्रति घनमीटर	
13	सफाई कर्मी रूफरक किट/वेस्टेड्राम, डस्टबीन सहित अन्य संबंधित सामग्री प्रिकास्ट कंकरीट बेंच	प्रति नग	
14	कंटीला तार एवं ईंगल/प्रिकास्ट कंकरीट बेंच	प्रति नग	
15	जिम से संबंधित सामग्री/इंडिया मार्क-2 हैण्डपम्प सामग्री/रिबोर	प्रति नग	
16	मैदान में सुन्दरीकरण हेतु घास	प्रति घनमीटर	
17	चूना, पेंट इत्यादि	प्रति वर्गमीटर	
18	वाल पेंटिंग व प्रचार-प्रसार इत्यादि	प्रति वर्गमीटर	
19	सिढ़ियो कैमरा, दिशा सूचक बोर्ड, पब्लिक अड्रेस सिस्टम	प्रति नग	
20	पौशाला में पर्दे-पोंछा, चूना, मलेरिया कार्य में खेलकूद, जिम, झूला व अन्य सामग्री, अमृत सरोवर में जल		
21	हैण्डपम्प की रिबोर/मरम्मत सामग्री की खुली नीलामी		
22	एसबीएम के समस्त सामग्री/स्टेशनरी आदि/ई-रिक्शा		
23	पी.वी.सी./ए.सी.पी. पैनल	प्रति स्क्वायर फीट	
सचिव/ग्रा.पं.अधिकारी/ग्रा.वि.अधिकारी
ग्राम पंचायत नवली
विकास खण्ड सदर चन्दौली
ग्राम प्रधान
ग्राम पंचायत नवली
विकास खण्ड सदर चन्दौली
पत्रांक: मेमो/2026-27	दिनांक 05.04.2026
कार्यालय ग्राम पंचायत नरसिंहपुर खुर्द, विकास खण्ड सदर चन्दौली
निविदा सूचना
वित्तीय वर्ष 2026-27 में ग्राम पंचायत द्वारा राज्य वित्त आयोग/केन्द्रीय वित्त आयोग/ग्राम स्वराज/मनरेगा/पंचम एक्शन प्लान/विधायक निधि/सांसद निधि/ओ.डी.एफ.प्लस योजनान्तर्गत प्राप्त धनराशि से एस.एल.डब्लू.एम. (SLWM), स्वच्छ भारत मिशन (SBM), पीपरोपण, डस्टबीन, सोलर लाइट, इंटरलॉकिंग, नाली खड़ंजा, पुलिया, हैण्डपम्प, सोख्ता, गड्ढा, डेस्क, बेंच, ग्रीन बोर्ड, दिशा सूचक बोर्ड, सुन्दरीकरण, पीपरोपण, प्लम्बरिंग कार्य, सफाई किट, ब्लीचिंग पाउडर, स्ट्रीट लाइट, खेल कूद सामग्री, आपदा प्रबन्धन किट, फागिंग मशीन, सामुदायिक शौचालय, अन्त्येष्टि गृह, एनएम सेंटर, पंचायत भवन कायाकल्प, आंगनवाड़ी केन्द्र निर्माण/मरम्मत, गौशाला निर्माण, भूसा चारा, विद्यालय का कायाकल्प, वाउण्ड्रीवाल, पीवीसी पाइप विभिन्न साइज में, मरम्मत संबंधित सामग्री आदि कार्य हेतु सामग्री क्रय के लिए ग्राम पंचायत में सामग्री आपूर्ति हेतु निविदा आमंत्रित की जाती है जिससे इच्छुक आपूर्तिकर्ता दिनांक-09.04.2026 से दिनांक-13.04.2026 के 4 बजे तक सील बन्द निविदा ग्राम पंचायत के कार्यालय में जमा की जा सकती है जो दिनांक 15.04.2026 को पंचायत भवन पर सुबह 11 बजे खोली जायेगी उक्त कार्य करने हेतु इंटरलॉकिंग ईंट, ईंट गिट्टी, पत्थर गिट्टी, एसओबी ईंट, सीमेंट, बालू सरिया, लकड़ी/लोहे का दरवाजा, पेंट, विद्युतीकरण हेतु इलेक्ट्रिक सामग्री, शौचालय शेड, ह्यूमन पाइप, टाइल्स गिट्टी, चूना, ट्रीगार्ड, हाई मास्क लाइट, कोरोना किट सहित खेल कूद व पार्क में व्यायाम करने से संबंधित सामग्री आदि की आवश्यकता होगी। अतः ग्राम सभा/विकास खण्ड/जनपद के पंजीकृत आपूर्तिकर्ता उपरोक्त सामग्री आपूर्ति हेतु सील बन्द निविदा आमंत्रित है।
क्र.सं.	परियोजना का नाम/सामग्री	मात्रा	दर
1	ईंट 150 एमएम प्रथम श्रेणी/एसओबी ईंट	प्रति हजार	
2	सीमेंट, सीमेन्टेड बेंच, सीमन्टेड डस्टबीन	प्रति बोरी/नग	
3	मोरंग बालू, महीन बालू, गंगा बालू	प्रतिघन मीटर	
4	स्टोन ब्लास्ट, डस्ट गिट्टी, पत्थर गिट्टी 20 एमएम से 53 एमएम तक ईंट, गिट्टी 20 एमएम से 42 एमएम	प्रतिघन मीटर	
5	सरिया विभिन्न साइज	प्रति कुंतल	
6	करकट/एस बेस्टर शीट, पैनल आयरन, समरसेबुल, बोरिंग प्लेटफार्म सहित	प्रति नग	
7	पेवर्स ब्लाक ईंट/इंटरलॉकिंग ईंट, जागजेड़ा इंटरलॉकिंग ईंट	प्रति हजार	
8	सोलर लाईट, विद्युत सामग्री, स्ट्रीट लाईट, हाई मास्ट सोलर लाईट	प्रति नग	
9	शौचालय निर्माण सामग्री/पंचायत भवन निर्माण सामग्री, लाइब्रेरी		
10	ह्यूम पाइप 150 एमएम, 300 एमएम, 350 एमएम, 600 एमएम, 800 एमएम एनपी3	प्रति मीटर	
11	ढक्कनदार नाली निर्माण में प्रयुक्त होने वाली सामग्री आवश्यकतानुसार	प्रति वर्गमीटर	
12	मिट्टी की भराई, रामतालीकरण का कार्य	प्रति घनमीटर	
13	सफाई कर्मी रूफरक किट/वेस्टेड्राम, डस्टबीन सहित अन्य संबंधित सामग्री प्रिकास्ट कंकरीट बेंच	प्रति नग	
14	कंटीला तार एवं ईंगल/प्रिकास्ट कंकरीट बेंच	प्रति नग	
15	जिम से संबंधित सामग्री/इंडिया मार्क-2 हैण्डपम्प सामग्री/रिबोर	प्रति नग	
16	मैदान में सुन्दरीकरण हेतु घास	प्रति घनमीटर	
17	चूना, पेंट इत्यादि	प्रति वर्गमीटर	
18	वाल पेंटिंग व प्रचार-प्रसार इत्यादि	प्रति वर्गमीटर	
19	सिढ़ियो कैमरा, दिशा सूचक बोर्ड, पब्लिक अड्रेस सिस्टम	प्रति नग	
20	पौशाला में पर्दे-पोंछा, चूना, मलेरिया कार्य में खेलकूद, जिम, झूला व अन्य सामग्री, अमृत सरोवर में जल		
21	हैण्डपम्प की रिबोर/मरम्मत सामग्री की खुली नीलामी		
22	एसबीएम के समस्त सामग्री/स्टेशनरी आदि/ई-रिक्शा		
23	पी.वी.सी./ए.सी.पी. पैनल	प्रति स्क्वायर फीट	
सचिव/ग्रा.पं.अधिकारी/ग्रा.वि.अधिकारी
ग्राम पंचायत नरसिंहपुर खुर्द
विकास खण्ड सदर चन्दौली
ग्राम प्रधान
ग्राम पंचायत नरसिंहपुर खुर्द
विकास खण्ड सदर चन्दौली
पत्रांक: मेमो/2026-27	दिनांक 05.04.2026
